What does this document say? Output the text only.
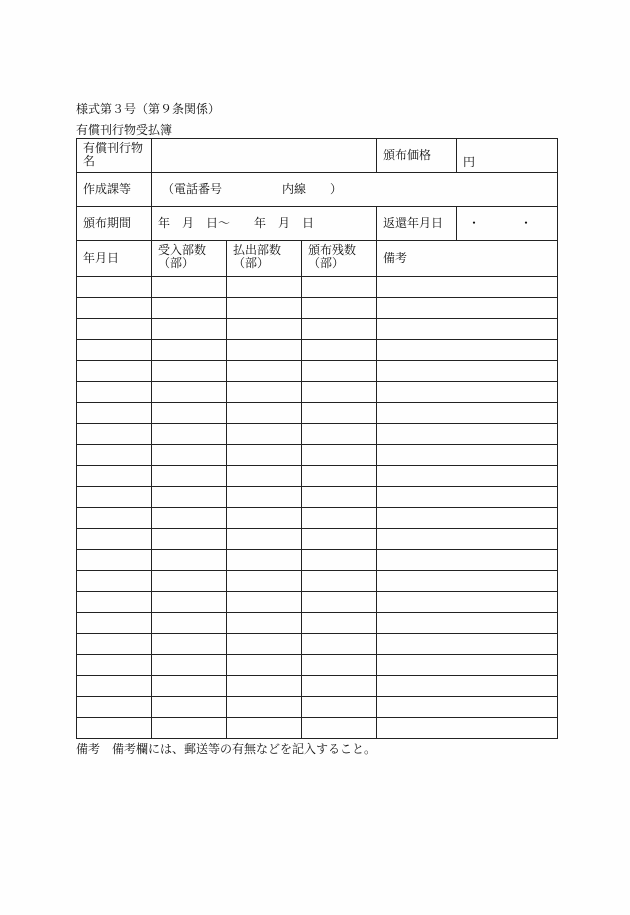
様式第３号（第９条関係）
有償刊行物受払簿
有償刊行物名				頒布価格	円

作成課等	（電話番号　　　　　内線　　）				
頒布期間	年　月　日〜　　年　月　日			返還年月日	・　・
年月日	受入部数（部）	払出部数（部）	頒布残数（部）	備考	

備考　備考欄には、郵送等の有無などを記入すること。
